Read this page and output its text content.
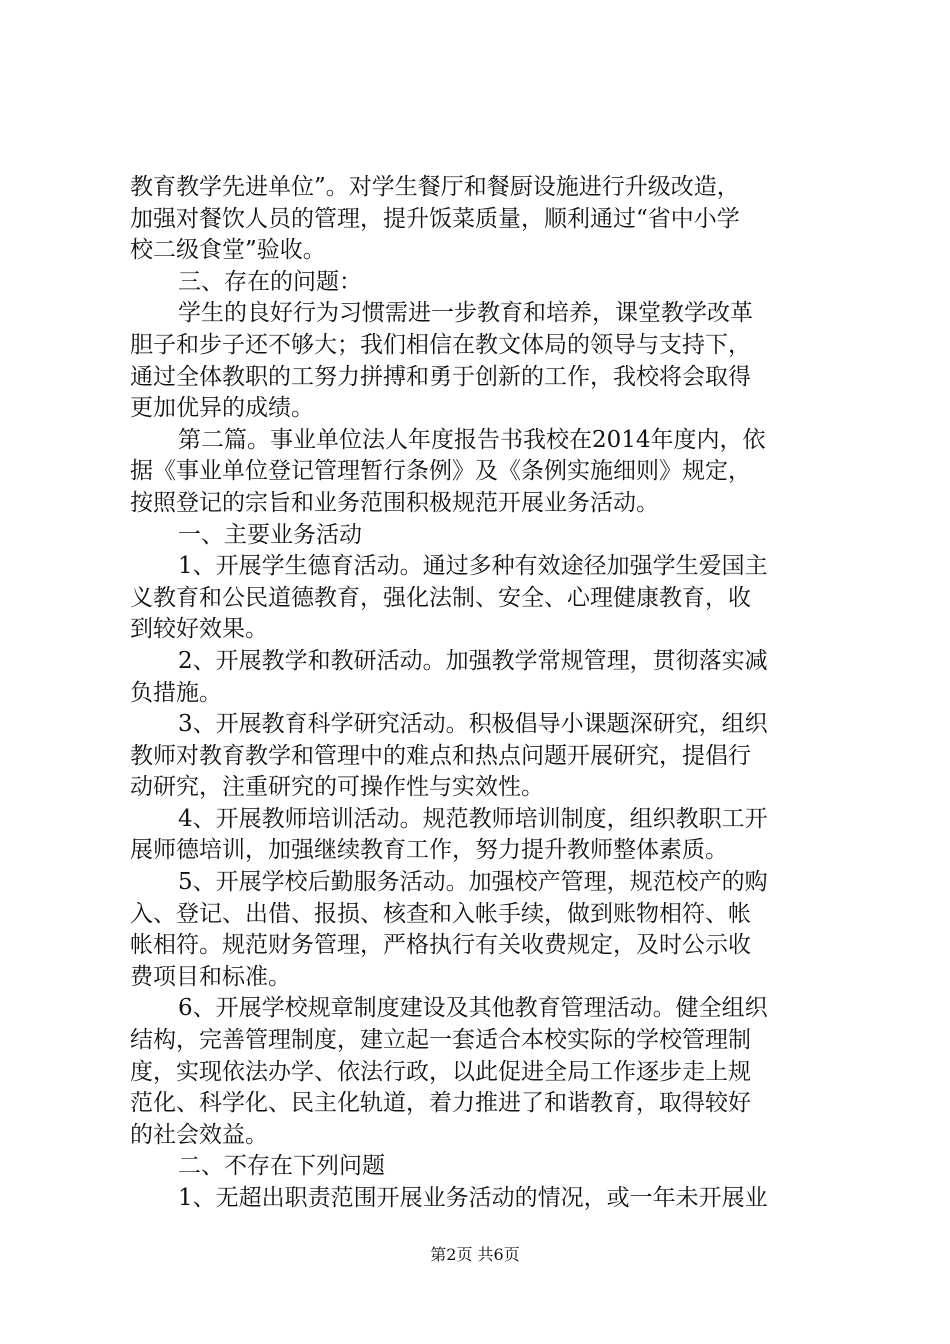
教育教学先进单位”。对学生餐厅和餐厨设施进行升级改造，
加强对餐饮人员的管理，提升饭菜质量，顺利通过“省中小学
校二级食堂”验收。
三、存在的问题：
学生的良好行为习惯需进一步教育和培养，课堂教学改革
胆子和步子还不够大；我们相信在教文体局的领导与支持下，
通过全体教职的工努力拼搏和勇于创新的工作，我校将会取得
更加优异的成绩。
第二篇。事业单位法人年度报告书我校在2014年度内，依
据《事业单位登记管理暂行条例》及《条例实施细则》规定，
按照登记的宗旨和业务范围积极规范开展业务活动。
一、主要业务活动
1、开展学生德育活动。通过多种有效途径加强学生爱国主
义教育和公民道德教育，强化法制、安全、心理健康教育，收
到较好效果。
2、开展教学和教研活动。加强教学常规管理，贯彻落实减
负措施。
3、开展教育科学研究活动。积极倡导小课题深研究，组织
教师对教育教学和管理中的难点和热点问题开展研究，提倡行
动研究，注重研究的可操作性与实效性。
4、开展教师培训活动。规范教师培训制度，组织教职工开
展师德培训，加强继续教育工作，努力提升教师整体素质。
5、开展学校后勤服务活动。加强校产管理，规范校产的购
入、登记、出借、报损、核查和入帐手续，做到账物相符、帐
帐相符。规范财务管理，严格执行有关收费规定，及时公示收
费项目和标准。
6、开展学校规章制度建设及其他教育管理活动。健全组织
结构，完善管理制度，建立起一套适合本校实际的学校管理制
度，实现依法办学、依法行政，以此促进全局工作逐步走上规
范化、科学化、民主化轨道，着力推进了和谐教育，取得较好
的社会效益。
二、不存在下列问题
1、无超出职责范围开展业务活动的情况，或一年未开展业
第2页 共6页
